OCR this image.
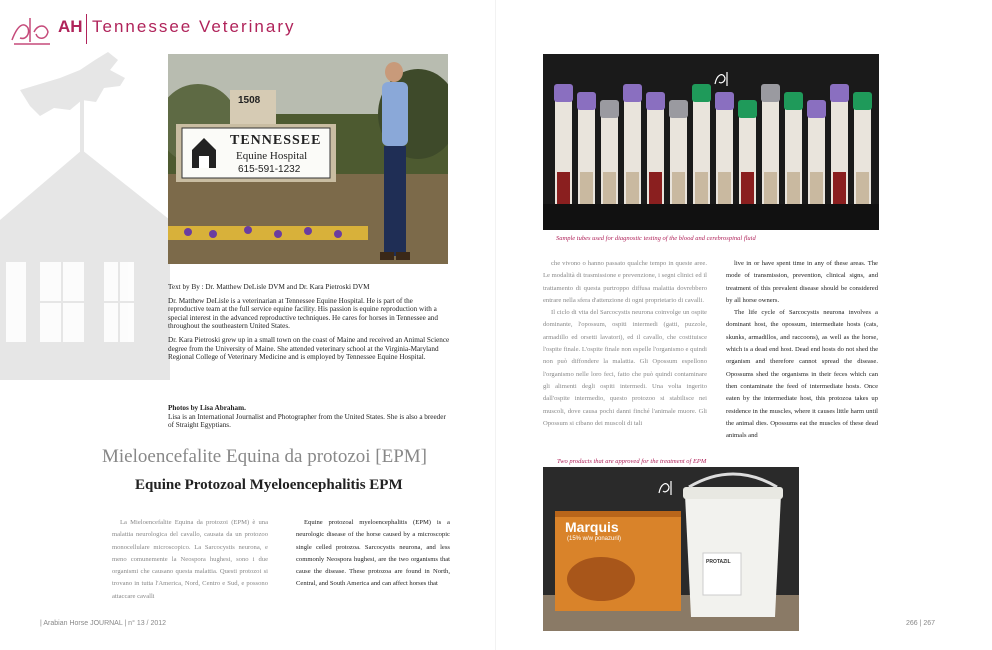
AH Tennessee Veterinary
1508
TENNESSEE
Equine Hospital
615-591-1232
Sample tubes used for diagnostic testing of the blood and cerebrospinal fluid

Text by By : Dr. Matthew DeLisle DVM and Dr. Kara Pietroski DVM

Dr. Matthew DeLisle is a veterinarian at Tennessee Equine Hospital. He is part of the reproductive team at the full service equine facility. His passion is equine reproduction with a special interest in the advanced reproductive techniques. He cares for horses in Tennessee and throughout the southeastern United States.

Dr. Kara Pietroski grew up in a small town on the coast of Maine and received an Animal Science degree from the University of Maine. She attended veterinary school at the Virginia-Maryland Regional College of Veterinary Medicine and is employed by Tennessee Equine Hospital.

Photos by Lisa Abraham.

Lisa is an International Journalist and Photographer from the United States. She is also a breeder of Straight Egyptians.

Mieloencefalite Equina da protozoi [EPM]
Equine Protozoal Myeloencephalitis EPM

La Mieloencefalite Equina da protozoi (EPM) è una malattia neurologica del cavallo, causata da un protozoo monocellulare microscopico. La Sarcocystis neurona, e meno comunemente la Neospora hughesi, sono i due organismi che causano questa malattia. Questi protozoi si trovano in tutta l'America, Nord, Centro e Sud, e possono attaccare cavalli

Equine protozoal myeloencephalitis (EPM) is a neurologic disease of the horse caused by a microscopic single celled protozoa. Sarcocystis neurona, and less commonly Neospora hughesi, are the two organisms that cause the disease. These protozoa are found in North, Central, and South America and can affect horses that

che vivono o hanno passato qualche tempo in queste aree. Le modalità di trasmissione e prevenzione, i segni clinici ed il trattamento di questa purtroppo diffusa malattia dovrebbero entrare nella sfera d'attenzione di ogni proprietario di cavalli.

Il ciclo di vita del Sarcocystis neurona coinvolge un ospite dominante, l'opossum, ospiti intermedi (gatti, puzzole, armadillo ed orsetti lavatori), ed il cavallo, che costituisce l'ospite finale. L'ospite finale non espelle l'organismo e quindi non può diffondere la malattia. Gli Opossum espellono l'organismo nelle loro feci, fatto che può quindi contaminare gli alimenti degli ospiti intermedi. Una volta ingerito dall'ospite intermedio, questo protozoo si stabilisce nei muscoli, dove causa pochi danni finché l'animale muore. Gli Opossum si cibano dei muscoli di tali

live in or have spent time in any of these areas. The mode of transmission, prevention, clinical signs, and treatment of this prevalent disease should be considered by all horse owners.

The life cycle of Sarcocystis neurona involves a dominant host, the opossum, intermediate hosts (cats, skunks, armadillos, and raccoons), as well as the horse, which is a dead end host. Dead end hosts do not shed the organism and therefore cannot spread the disease. Opossums shed the organisms in their feces which can then contaminate the feed of intermediate hosts. Once eaten by the intermediate host, this protozoa takes up residence in the muscles, where it causes little harm until the animal dies. Opossums eat the muscles of these dead animals and

Two products that are approved for the treatment of EPM
Marquis
(15% w/w ponazuril)
PROTAZIL
| Arabian Horse JOURNAL | n° 13 / 2012	266 | 267
